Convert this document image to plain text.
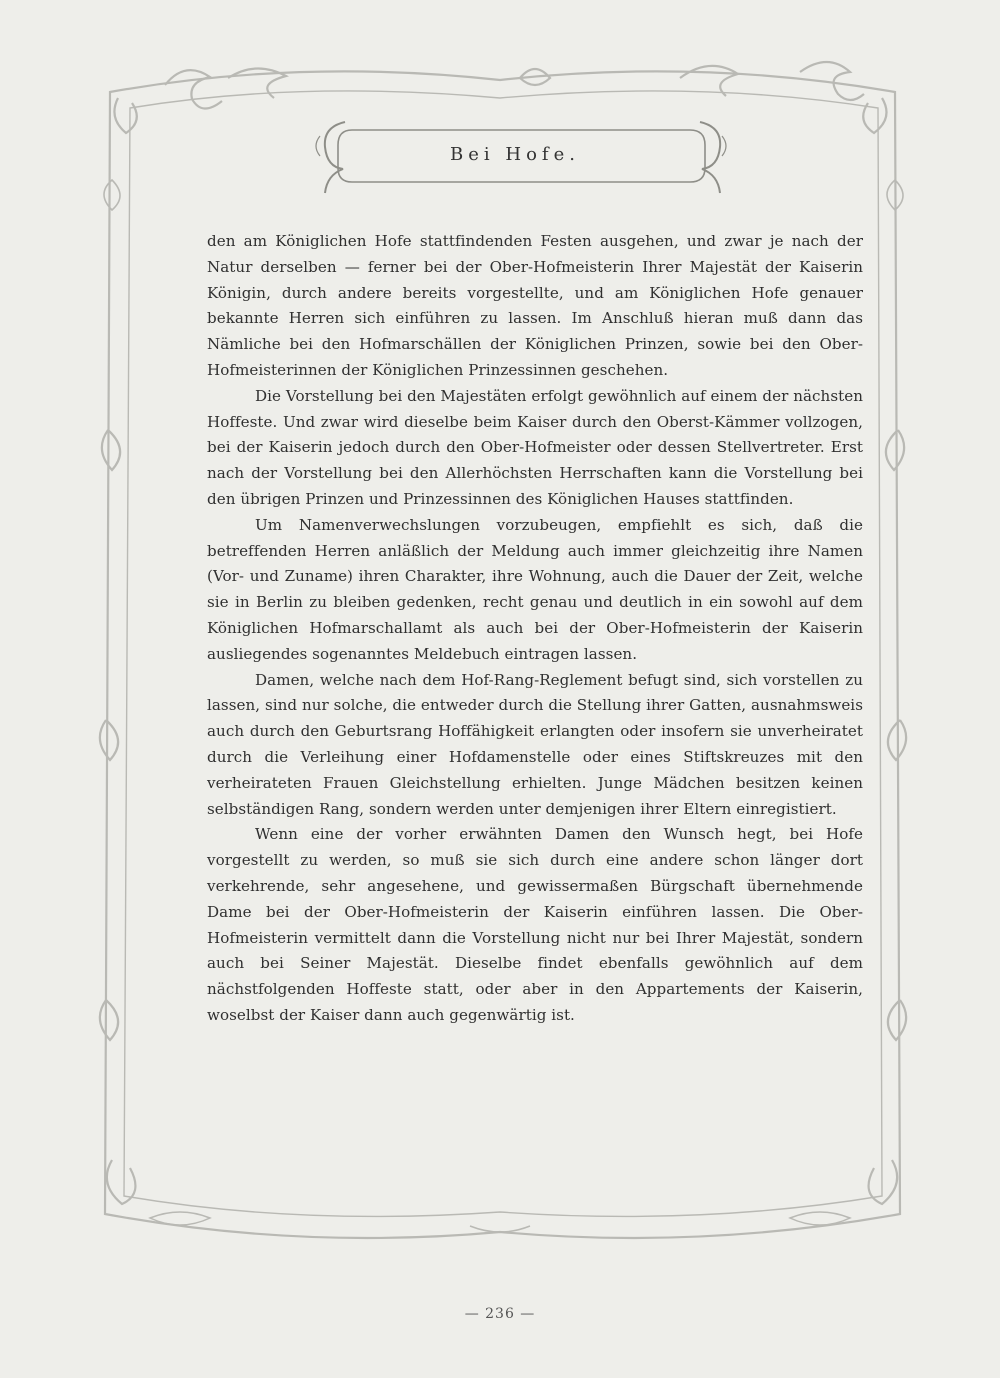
Bei Hofe.

den am Königlichen Hofe stattfindenden Festen ausgehen, und zwar je nach der Natur derselben — ferner bei der Ober-Hofmeisterin Ihrer Majestät der Kaiserin Königin, durch andere bereits vorgestellte, und am Königlichen Hofe genauer bekannte Herren sich einführen zu lassen. Im Anschluß hieran muß dann das Nämliche bei den Hofmarschällen der Königlichen Prinzen, sowie bei den Ober-Hofmeisterinnen der Königlichen Prinzessinnen geschehen.

Die Vorstellung bei den Majestäten erfolgt gewöhnlich auf einem der nächsten Hoffeste. Und zwar wird dieselbe beim Kaiser durch den Oberst-Kämmer vollzogen, bei der Kaiserin jedoch durch den Ober-Hofmeister oder dessen Stellvertreter. Erst nach der Vorstellung bei den Allerhöchsten Herrschaften kann die Vorstellung bei den übrigen Prinzen und Prinzessinnen des Königlichen Hauses stattfinden.

Um Namenverwechslungen vorzubeugen, empfiehlt es sich, daß die betreffenden Herren anläßlich der Meldung auch immer gleichzeitig ihre Namen (Vor- und Zuname) ihren Charakter, ihre Wohnung, auch die Dauer der Zeit, welche sie in Berlin zu bleiben gedenken, recht genau und deutlich in ein sowohl auf dem Königlichen Hofmarschallamt als auch bei der Ober-Hofmeisterin der Kaiserin ausliegendes sogenanntes Meldebuch eintragen lassen.

Damen, welche nach dem Hof-Rang-Reglement befugt sind, sich vorstellen zu lassen, sind nur solche, die entweder durch die Stellung ihrer Gatten, ausnahmsweis auch durch den Geburtsrang Hoffähigkeit erlangten oder insofern sie unverheiratet durch die Verleihung einer Hofdamenstelle oder eines Stiftskreuzes mit den verheirateten Frauen Gleichstellung erhielten. Junge Mädchen besitzen keinen selbständigen Rang, sondern werden unter demjenigen ihrer Eltern einregistiert.

Wenn eine der vorher erwähnten Damen den Wunsch hegt, bei Hofe vorgestellt zu werden, so muß sie sich durch eine andere schon länger dort verkehrende, sehr angesehene, und gewissermaßen Bürgschaft übernehmende Dame bei der Ober-Hofmeisterin der Kaiserin einführen lassen. Die Ober-Hofmeisterin vermittelt dann die Vorstellung nicht nur bei Ihrer Majestät, sondern auch bei Seiner Majestät. Dieselbe findet ebenfalls gewöhnlich auf dem nächstfolgenden Hoffeste statt, oder aber in den Appartements der Kaiserin, woselbst der Kaiser dann auch gegenwärtig ist.

— 236 —
